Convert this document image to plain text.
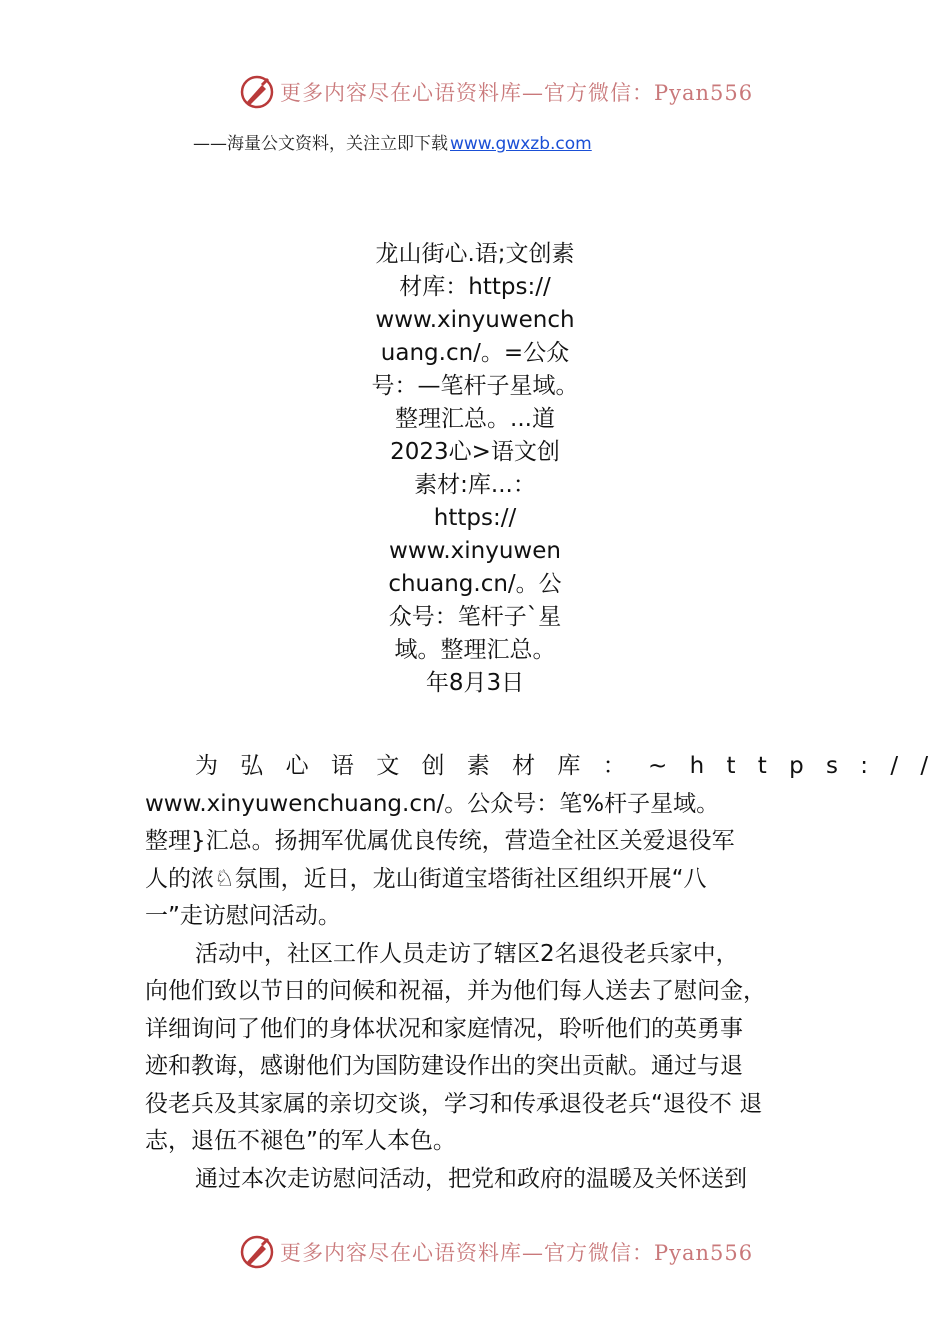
更多内容尽在心语资料库—官方微信：Pyan556
——海量公文资料，关注立即下载 www.gwxzb.com
龙山街心.语;文创素
材库：https://
www.xinyuwench
uang.cn/。=公众
号：—笔杆子星域。
整理汇总。...道
2023心>语文创
素材:库...：
https://
www.xinyuwen
chuang.cn/。公
众号：笔杆子`星
域。整理汇总。
年8月3日

为弘心语文创素材库：~https://
www.xinyuwenchuang.cn/。公众号：笔%杆子星域。
整理}汇总。扬拥军优属优良传统，营造全社区关爱退役军
人的浓♘氛围，近日，龙山街道宝塔街社区组织开展“八
一”走访慰问活动。

活动中，社区工作人员走访了辖区2名退役老兵家中，
向他们致以节日的问候和祝福，并为他们每人送去了慰问金，
详细询问了他们的身体状况和家庭情况，聆听他们的英勇事
迹和教诲，感谢他们为国防建设作出的突出贡献。通过与退
役老兵及其家属的亲切交谈，学习和传承退役老兵“退役不 退
志，退伍不褪色”的军人本色。

通过本次走访慰问活动，把党和政府的温暖及关怀送到

更多内容尽在心语资料库—官方微信：Pyan556
